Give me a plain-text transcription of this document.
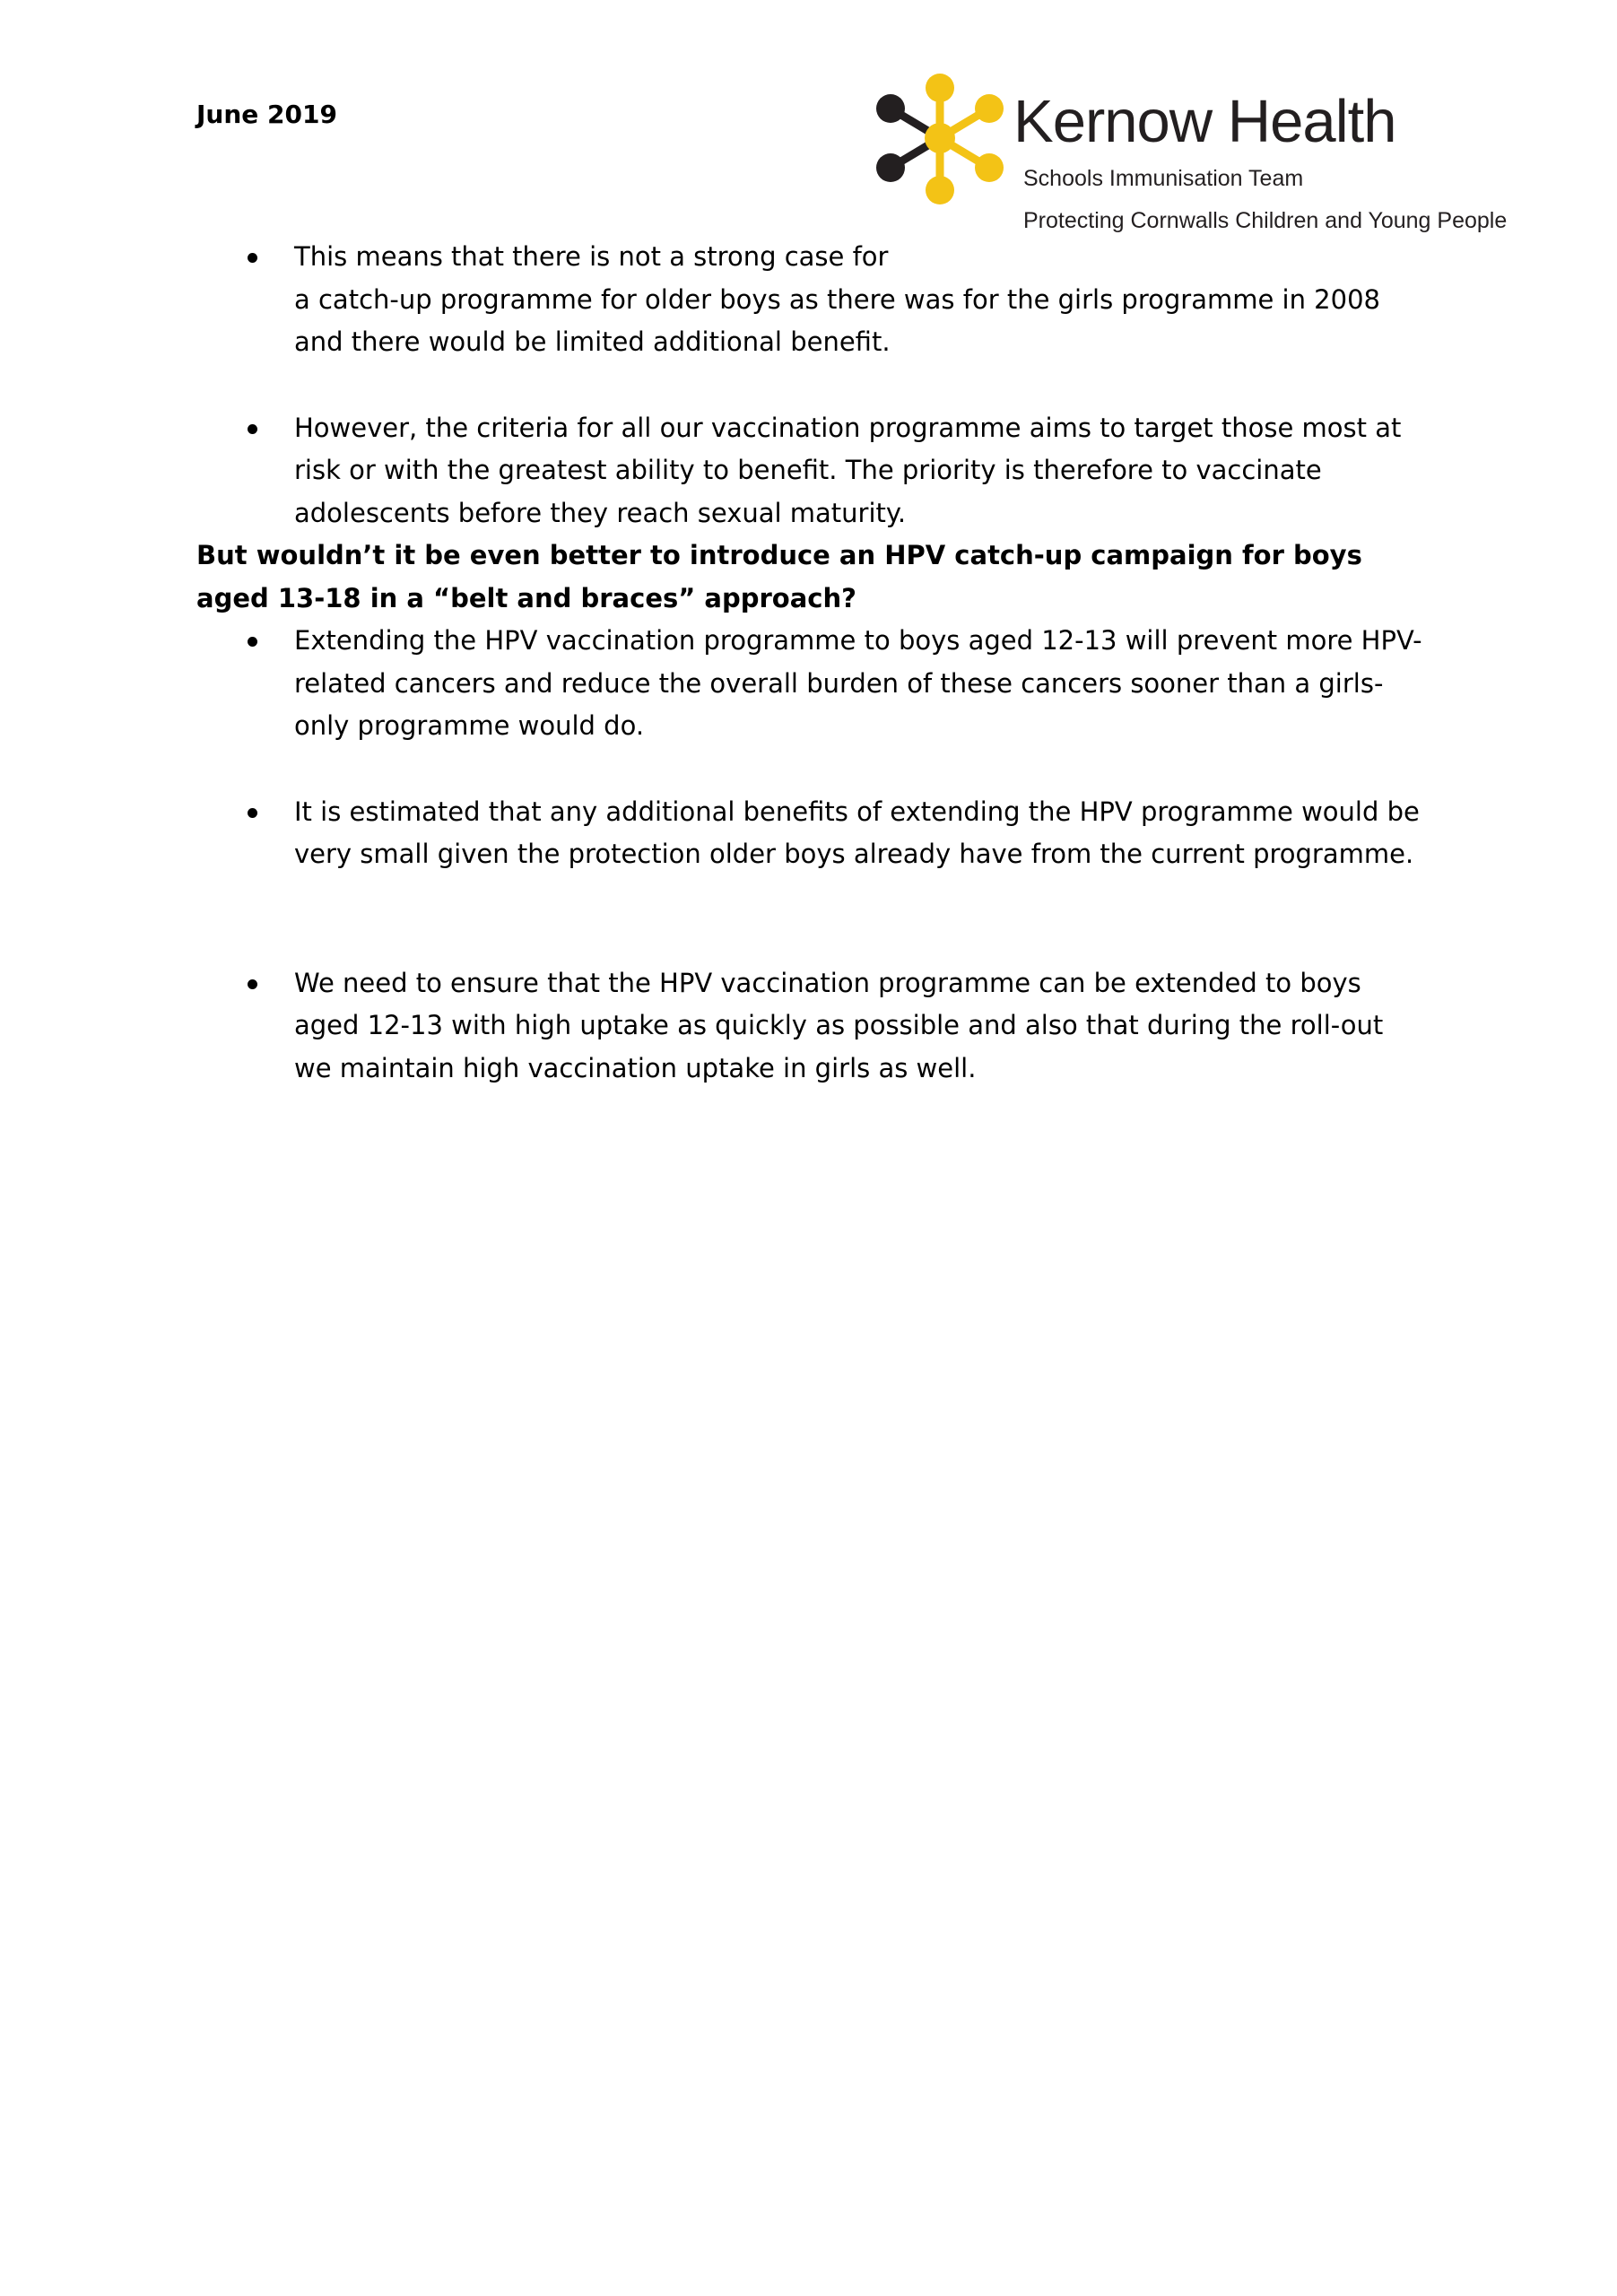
June 2019	Kernow Health
Schools Immunisation Team
Protecting Cornwalls Children and Young People
This means that there is not a strong case for
a catch-up programme for older boys as there was for the girls programme in 2008 and there would be limited additional benefit.
However, the criteria for all our vaccination programme aims to target those most at risk or with the greatest ability to benefit. The priority is therefore to vaccinate adolescents before they reach sexual maturity.

But wouldn’t it be even better to introduce an HPV catch-up campaign for boys aged 13-18 in a “belt and braces” approach?

Extending the HPV vaccination programme to boys aged 12-13 will prevent more HPV-related cancers and reduce the overall burden of these cancers sooner than a girls-only programme would do.
It is estimated that any additional benefits of extending the HPV programme would be very small given the protection older boys already have from the current programme.
We need to ensure that the HPV vaccination programme can be extended to boys aged 12-13 with high uptake as quickly as possible and also that during the roll-out we maintain high vaccination uptake in girls as well.
